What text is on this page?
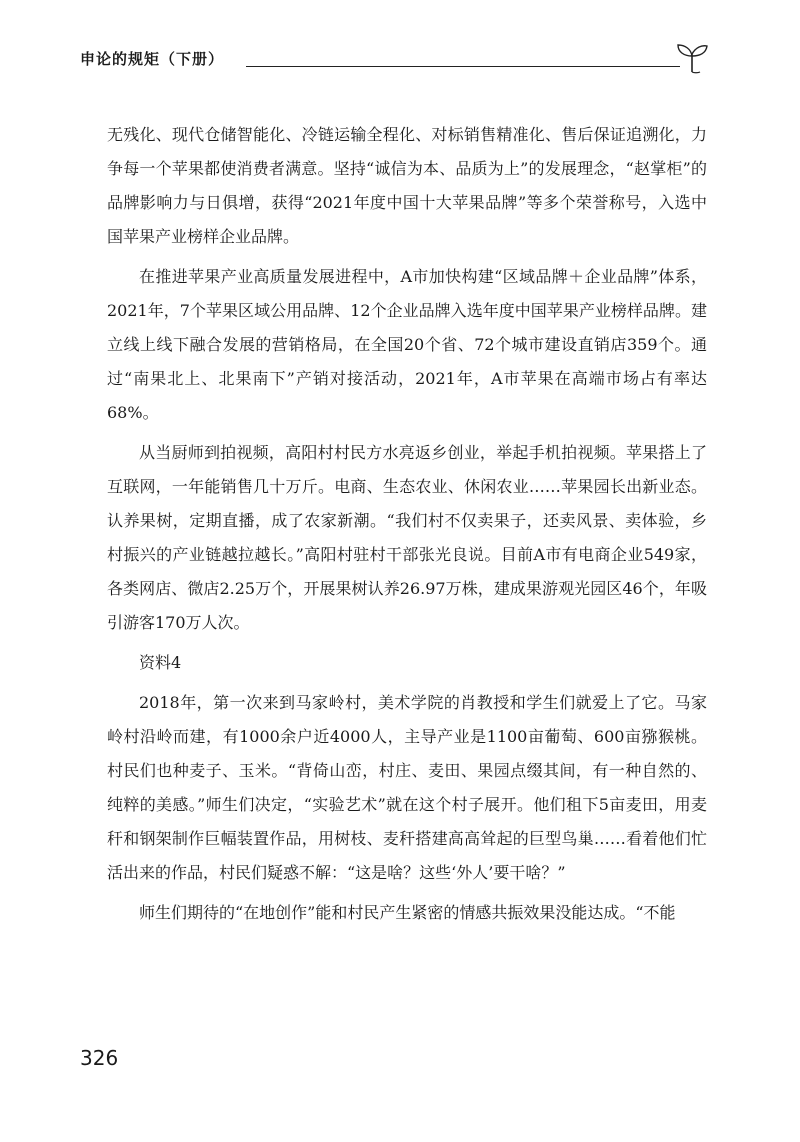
申论的规矩（下册）

无残化、现代仓储智能化、冷链运输全程化、对标销售精准化、售后保证追溯化，力争每一个苹果都使消费者满意。坚持“诚信为本、品质为上”的发展理念，“赵掌柜”的品牌影响力与日俱增，获得“2021年度中国十大苹果品牌”等多个荣誉称号，入选中国苹果产业榜样企业品牌。

在推进苹果产业高质量发展进程中，A市加快构建“区域品牌＋企业品牌”体系，2021年，7个苹果区域公用品牌、12个企业品牌入选年度中国苹果产业榜样品牌。建立线上线下融合发展的营销格局，在全国20个省、72个城市建设直销店359个。通过“南果北上、北果南下”产销对接活动，2021年，A市苹果在高端市场占有率达68%。

从当厨师到拍视频，高阳村村民方水亮返乡创业，举起手机拍视频。苹果搭上了互联网，一年能销售几十万斤。电商、生态农业、休闲农业……苹果园长出新业态。认养果树，定期直播，成了农家新潮。“我们村不仅卖果子，还卖风景、卖体验，乡村振兴的产业链越拉越长。”高阳村驻村干部张光良说。目前A市有电商企业549家，各类网店、微店2.25万个，开展果树认养26.97万株，建成果游观光园区46个，年吸引游客170万人次。

资料4

2018年，第一次来到马家岭村，美术学院的肖教授和学生们就爱上了它。马家岭村沿岭而建，有1000余户近4000人，主导产业是1100亩葡萄、600亩猕猴桃。村民们也种麦子、玉米。“背倚山峦，村庄、麦田、果园点缀其间，有一种自然的、纯粹的美感。”师生们决定，“实验艺术”就在这个村子展开。他们租下5亩麦田，用麦秆和钢架制作巨幅装置作品，用树枝、麦秆搭建高高耸起的巨型鸟巢……看着他们忙活出来的作品，村民们疑惑不解：“这是啥？这些‘外人’要干啥？”

师生们期待的“在地创作”能和村民产生紧密的情感共振效果没能达成。“不能

326
